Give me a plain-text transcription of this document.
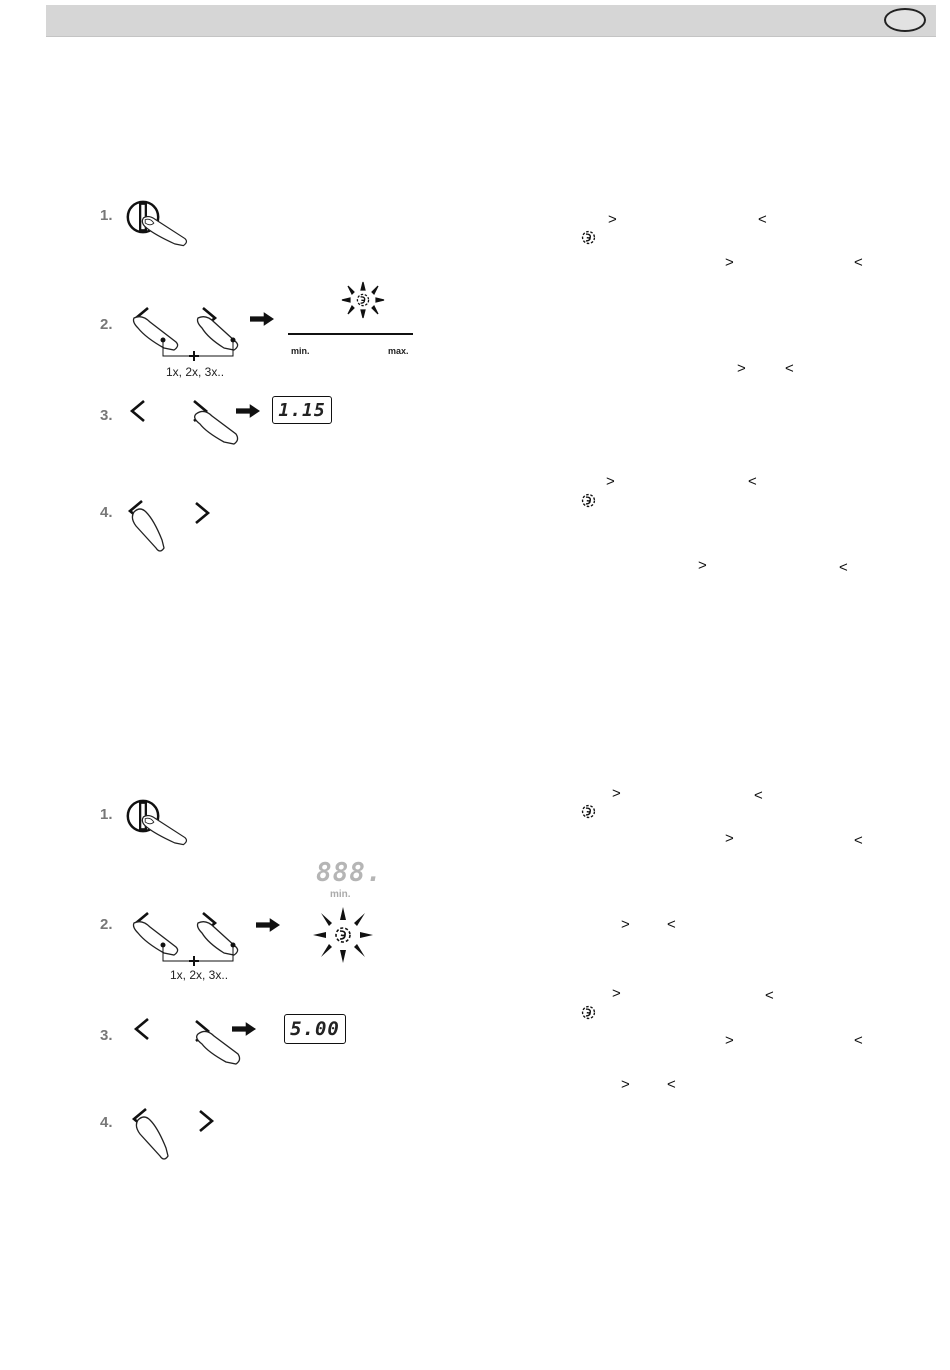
1.
2.
1x, 2x, 3x..
min.	max.
3.	1.15
4.
1.
2.
1x, 2x, 3x..
888.
min.
3.	5.00
4.
>	<
>	<
>	<
>	<
>	<
>	<
>	<
> <
>	<
>	<
> <
